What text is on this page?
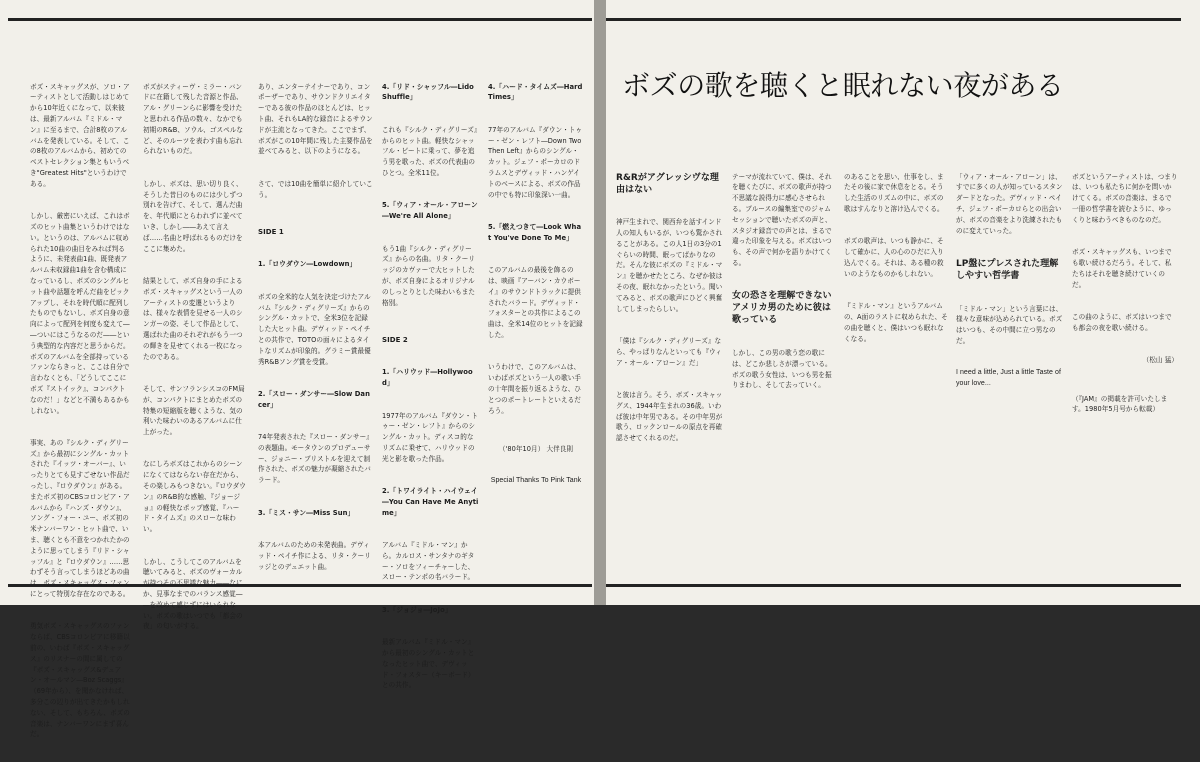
ボズ・スキャッグスが、ソロ・アーティストとして活動しはじめてから10年近くになって、以来彼は、最新アルバム『ミドル・マン』に至るまで、合計8枚のアルバムを発表している。そして、この8枚のアルバムから、初めてのベストセレクション集ともいうべき"Greatest Hits"というわけである。

しかし、厳密にいえば、これはボズのヒット曲集というわけではない。というのは、アルバムに収められた10曲の曲目をみれば判るように、未発表曲1曲、既発表アルバム未収録曲1曲を含む構成になっているし、ボズのシングルヒット曲や話題を呼んだ曲をピックアップし、それを時代順に配列したものでもないし、ボズ自身の意向によって配列を何度も変えて――ついにはこうなるのだ――という典型的な内容だと思うからだ。ボズのアルバムを全部持っているファンならきっと、ここは自分で言わなくとも、「どうしてここにボズ『ストイック』、コンパクトなのだ！」などと不満もあるかもしれない。

事実、あの『シルク・ディグリーズ』から最初にシングル・カットされた『イッツ・オーバー』、いったりとても見すごせない作品だったし、『ロウダウン』がある。またボズ初のCBSコロンビア・アルバムから『ハンズ・ダウン』、ソング・フォー・ユー、ボズ初の米ナンバーワン・ヒット曲で、いま、聴くとも不意をつかれたかのように思ってしまう『リド・シャッフル』と『ロウダウン』……思わずそう言ってしまうほどあの曲 にとって特別な存在なのである。

勇気ボズ・スキャッグスのファンならば、CBSコロンビアに移籍以前の、いわば『ボズ・スキャッグス』のリスナーの間に属しての『ボズ・スキャッグス&デュアン・オールマン―Boz Scaggs』（69年から）、を聞かなければ、多分この辺りが出てきたかもしれない、そして、もちろん、ボズの音楽は、ナンバーワンにまず喜んだ。

ボズがスティーヴ・ミラー・バンドに在籍して残した音源と作品、アル・グリーンらに影響を受けたと思われる作品の数々、なかでも初期のR&B、ソウル、ゴスペルなど、そのルーツを表わす曲も忘れられないものだ。

しかし、ボズは、思い切り良く、そうした昔日のものには少しずつ別れを告げて、そして、選んだ曲を、年代順にとらわれずに並べていき、しかし――あえて言えば……名曲と呼ばれるものだけをここに集めた。

結果として、ボズ自身の手によるボズ・スキャッグスという一人のアーティストの変遷というよりは、様々な表情を見せる一人のシンガーの姿、そして作品として、選ばれた曲のそれぞれがもう一つの輝きを見せてくれる一枚になったのである。

そして、サンフランシスコのFM局が、コンパクトにまとめたボズの特集の短縮版を聴くような、気の利いた味わいのあるアルバムに仕上がった。

なにしろボズはこれからのシーンになくてはならない存在だから、その楽しみもつきない。『ロウダウン』のR&B的な感触、『ジョージョ』の軽快なポップ感覚、『ハード・タイムズ』のスローな味わい。

しかし、こうしてこのアルバムを聴いてみると、ボズのヴォーカル か、見事なまでのバランス感覚――を改めて感じずにはいられない。ボズの歌はいつでも「都会の夜」の匂いがする。

あり、エンターテイナーであり、コンポーザーであり、サウンドクリエイターである彼の作品のほとんどは、ヒット曲、それもLA的な録音によるサウンドが主流となってきた。ここでまず、ボズがこの10年間に残した主要作品を並べてみると、以下のようになる。

さて、では10曲を簡単に紹介していこう。

SIDE 1

1.「ロウダウン―Lowdown」

ボズの全米的な人気を決定づけたアルバム『シルク・ディグリーズ』からのシングル・カットで、全米3位を記録した大ヒット曲。デヴィッド・ペイチとの共作で、TOTOの面々によるタイトなリズムが印象的。グラミー賞最優秀R&Bソング賞を受賞。

2.「スロー・ダンサー―Slow Dancer」

74年発表された『スロー・ダンサー』の表題曲。モータウンのプロデューサー、ジョニー・ブリストルを迎えて制作された、ボズの魅力が凝縮されたバラード。

3.「ミス・サン―Miss Sun」

本アルバムのための未発表曲。デヴィッド・ペイチ作による、リタ・クーリッジとのデュエット曲。

4.「リド・シャッフル―Lido Shuffle」

これも『シルク・ディグリーズ』からのヒット曲。軽快なシャッフル・ビートに乗って、夢を追う男を歌った、ボズの代表曲のひとつ。全米11位。

5.「ウィア・オール・アローン―We're All Alone」

もう1曲『シルク・ディグリーズ』からの名曲。リタ・クーリッジのカヴァーで大ヒットしたが、ボズ自身によるオリジナルのしっとりとした味わいもまた格別。

SIDE 2

1.「ハリウッド―Hollywood」

1977年のアルバム『ダウン・トゥー・ゼン・レフト』からのシングル・カット。ディスコ的なリズムに乗せて、ハリウッドの光と影を歌った作品。

2.「トワイライト・ハイウェイ―You Can Have Me Anytime」

アルバム『ミドル・マン』から。カルロス・サンタナのギター・ソロをフィーチャーした、スロー・テンポの名バラード。

3.「ジョジョ―JoJo」

最新アルバム『ミドル・マン』から最初のシングル・カットとなったヒット曲で、デヴィッド・フォスター（キーボード）との共作。

4.「ハード・タイムズ―Hard Times」

77年のアルバム『ダウン・トゥー・ゼン・レフト―Down Two Then Left』からのシングル・カット。ジェフ・ポーカロのドラムスとデヴィッド・ハンゲイトのベースによる、ボズの作品の中でも特に印象深い一曲。

5.「燃えつきて―Look What You've Done To Me」

このアルバムの最後を飾るのは、映画『アーバン・カウボーイ』のサウンドトラックに提供されたバラード。デヴィッド・フォスターとの共作によるこの曲は、全米14位のヒットを記録した。

いうわけで、このアルバムは、いわばボズという一人の歌い手の十年間を振り返るような、ひとつのポートレートといえるだろう。

（'80年10月） 大伴良則

Special Thanks To Pink Tank

ボズの歌を聴くと眠れない夜がある

R&Rがアグレッシヴな理由はない

神戸生まれで、関西弁を話すインド人の知人もいるが、いつも驚かされることがある。この人1日の3分の1ぐらいの時間、眠ってばかりなのだ。そんな彼にボズの『ミドル・マン』を聴かせたところ、なぜか彼はその夜、眠れなかったという。聞いてみると、ボズの歌声にひどく興奮してしまったらしい。

「僕は『シルク・ディグリーズ』なら、やっぱりなんといっても『ウィア・オール・アローン』だ」

と彼は言う。そう、ボズ・スキャッグス、1944年生まれの36歳。いわば彼は中年男である。その中年男が歌う、ロックンロールの原点を再確認させてくれるのだ。

テーマが流れていて、僕は、それを聴くたびに、ボズの歌声が持つ不思議な説得力に感心させられる。ブルースの編集室でのジャムセッションで聴いたボズの声と、スタジオ録音での声とは、まるで違った印象を与える。ボズはいつも、その声で何かを語りかけてくる。

女の恐さを理解できないアメリカ男のために彼は歌っている

しかし、この男の歌う恋の歌には、どこか悲しさが漂っている。ボズの歌う女性は、いつも男を振りまわし、そして去っていく。

のあることを思い、仕事をし、またその後に家で休息をとる。そうした生活のリズムの中に、ボズの歌はすんなりと溶け込んでくる。

ボズの歌声は、いつも静かに、そして確かに、人の心のひだに入り込んでくる。それは、ある種の救いのようなものかもしれない。

『ミドル・マン』というアルバムの、A面のラストに収められた、その曲を聴くと、僕はいつも眠れなくなる。

「ウィア・オール・アローン」は、すでに多くの人が知っているスタンダードとなった。デヴィッド・ペイチ、ジェフ・ポーカロらとの出会いが、ボズの音楽をより洗練されたものに変えていった。

LP盤にプレスされた理解しやすい哲学書

「ミドル・マン」という言葉には、様々な意味が込められている。ボズはいつも、その中間に立つ男なのだ。

I need a little, Just a little Taste of your love...

ボズというアーティストは、つまりは、いつも私たちに何かを問いかけてくる。ボズの音楽は、まるで一冊の哲学書を読むように、ゆっくりと味わうべきものなのだ。

ボズ・スキャッグスも、いつまでも歌い続けるだろう。そして、私たちはそれを聴き続けていくのだ。

この曲のように、ボズはいつまでも都会の夜を歌い続ける。

（松山 猛）

（『JAM』の掲載を許可いたします。1980年5月号から転載）
